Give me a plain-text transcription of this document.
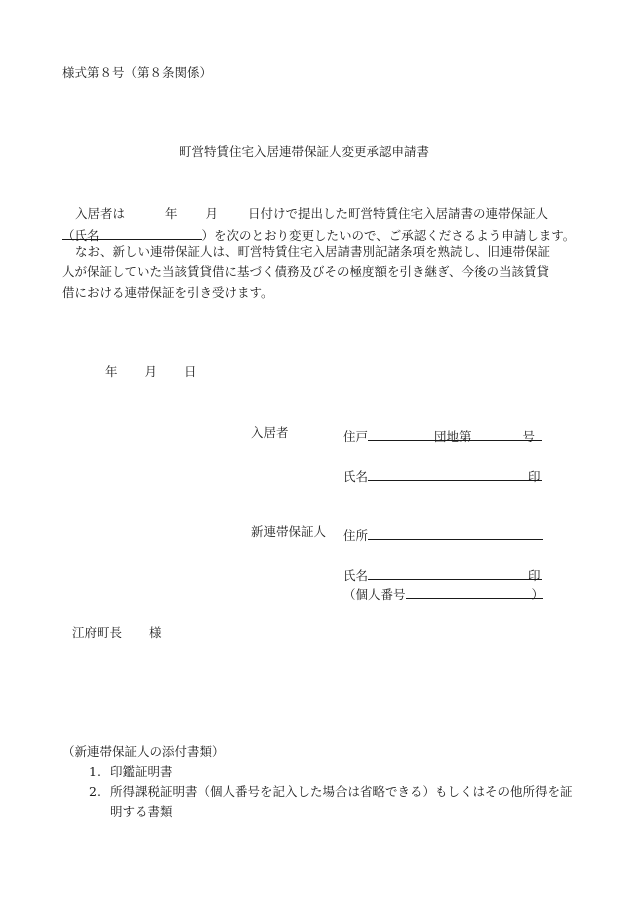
様式第８号（第８条関係）
町営特賃住宅入居連帯保証人変更承認申請書
入居者は	年 月 日付けで提出した町営特賃住宅入居請書の連帯保証人
（氏名	）を次のとおり変更したいので、ご承認くださるよう申請します。
なお、新しい連帯保証人は、町営特賃住宅入居請書別記諸条項を熟読し、旧連帯保証
人が保証していた当該賃貸借に基づく債務及びその極度額を引き継ぎ、今後の当該賃貸
借における連帯保証を引き受けます。
年 月 日
入居者	住戸	団地第	号
氏名	印
新連帯保証人 住所
氏名	印
（個人番号	）
江府町長 様
（新連帯保証人の添付書類）
1. 印鑑証明書
2. 所得課税証明書（個人番号を記入した場合は省略できる）もしくはその他所得を証
明する書類
